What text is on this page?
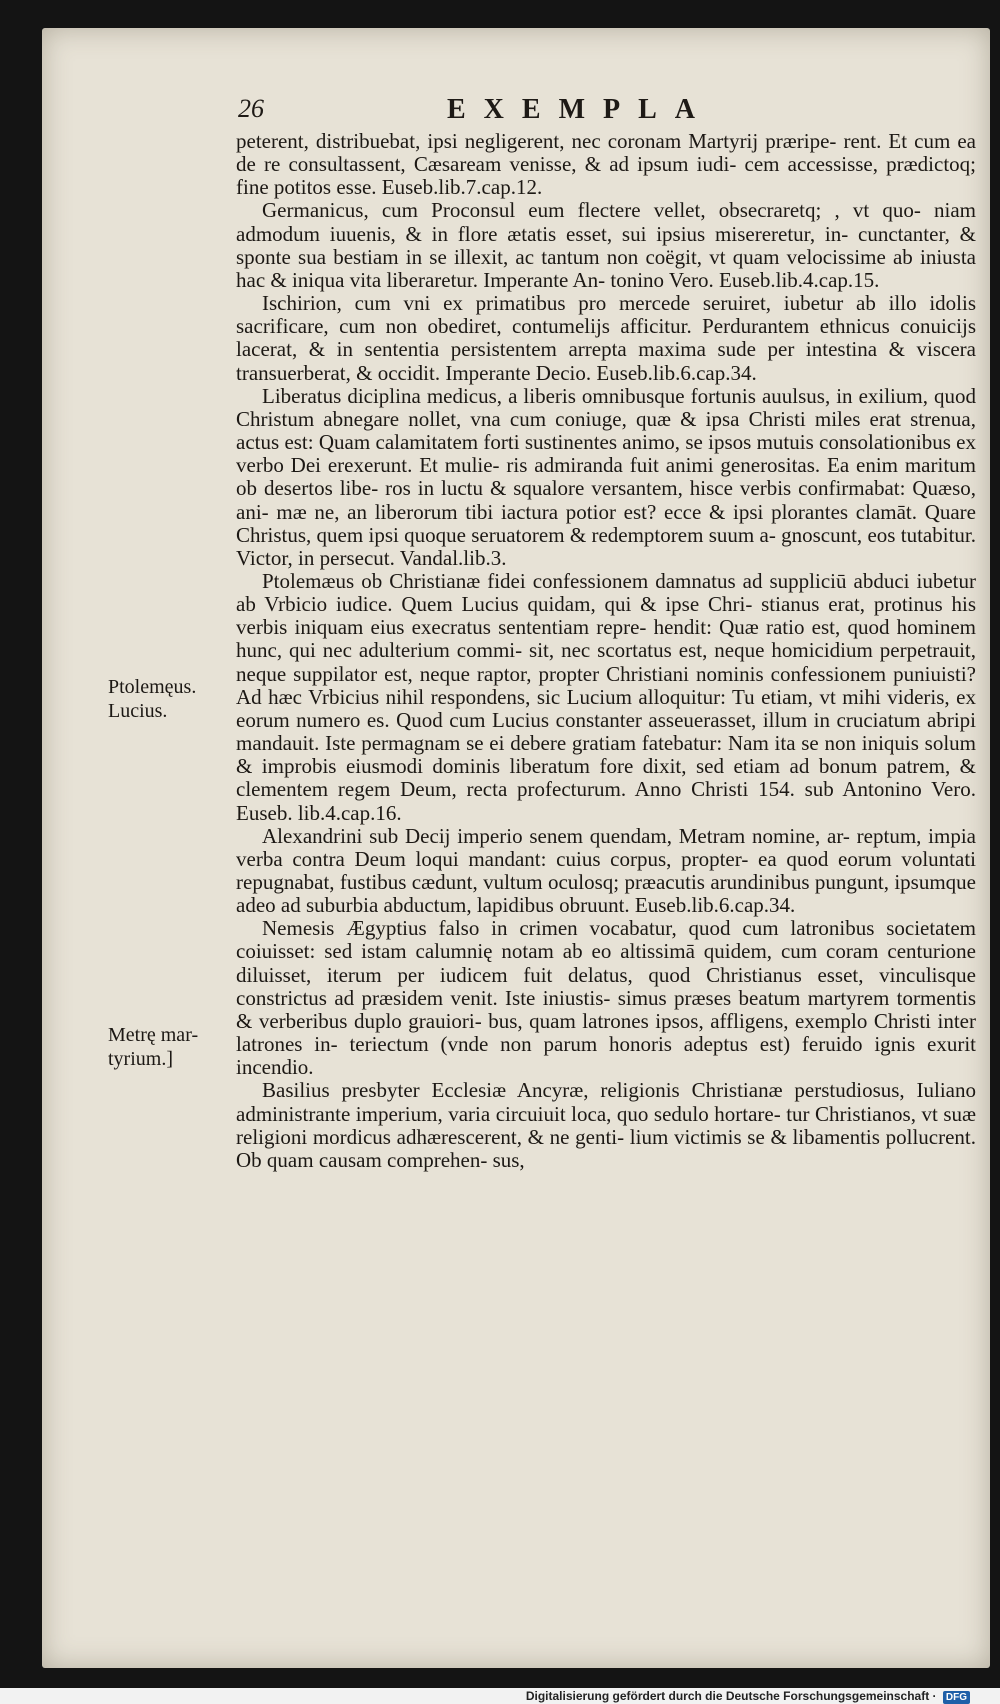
26	EXEMPLA
Ptolemęus.
Lucius.
Metrę mar-
tyrium.]

peterent, distribuebat, ipsi negligerent, nec coronam Martyrij præripe- rent. Et cum ea de re consultassent, Cæsaream venisse, & ad ipsum iudi- cem accessisse, prædictoq; fine potitos esse. Euseb.lib.7.cap.12.

Germanicus, cum Proconsul eum flectere vellet, obsecraretq; , vt quo- niam admodum iuuenis, & in flore ætatis esset, sui ipsius misereretur, in- cunctanter, & sponte sua bestiam in se illexit, ac tantum non coëgit, vt quam velocissime ab iniusta hac & iniqua vita liberaretur. Imperante An- tonino Vero. Euseb.lib.4.cap.15.

Ischirion, cum vni ex primatibus pro mercede seruiret, iubetur ab illo idolis sacrificare, cum non obediret, contumelijs afficitur. Perdurantem ethnicus conuicijs lacerat, & in sententia persistentem arrepta maxima sude per intestina & viscera transuerberat, & occidit. Imperante Decio. Euseb.lib.6.cap.34.

Liberatus diciplina medicus, a liberis omnibusque fortunis auulsus, in exilium, quod Christum abnegare nollet, vna cum coniuge, quæ & ipsa Christi miles erat strenua, actus est: Quam calamitatem forti sustinentes animo, se ipsos mutuis consolationibus ex verbo Dei erexerunt. Et mulie- ris admiranda fuit animi generositas. Ea enim maritum ob desertos libe- ros in luctu & squalore versantem, hisce verbis confirmabat: Quæso, ani- mæ ne, an liberorum tibi iactura potior est? ecce & ipsi plorantes clamāt. Quare Christus, quem ipsi quoque seruatorem & redemptorem suum a- gnoscunt, eos tutabitur. Victor, in persecut. Vandal.lib.3.

Ptolemæus ob Christianæ fidei confessionem damnatus ad suppliciū abduci iubetur ab Vrbicio iudice. Quem Lucius quidam, qui & ipse Chri- stianus erat, protinus his verbis iniquam eius execratus sententiam repre- hendit: Quæ ratio est, quod hominem hunc, qui nec adulterium commi- sit, nec scortatus est, neque homicidium perpetrauit, neque suppilator est, neque raptor, propter Christiani nominis confessionem puniuisti? Ad hæc Vrbicius nihil respondens, sic Lucium alloquitur: Tu etiam, vt mihi videris, ex eorum numero es. Quod cum Lucius constanter asseuerasset, illum in cruciatum abripi mandauit. Iste permagnam se ei debere gratiam fatebatur: Nam ita se non iniquis solum & improbis eiusmodi dominis liberatum fore dixit, sed etiam ad bonum patrem, & clementem regem Deum, recta profecturum. Anno Christi 154. sub Antonino Vero. Euseb. lib.4.cap.16.

Alexandrini sub Decij imperio senem quendam, Metram nomine, ar- reptum, impia verba contra Deum loqui mandant: cuius corpus, propter- ea quod eorum voluntati repugnabat, fustibus cædunt, vultum oculosq; præacutis arundinibus pungunt, ipsumque adeo ad suburbia abductum, lapidibus obruunt. Euseb.lib.6.cap.34.

Nemesis Ægyptius falso in crimen vocabatur, quod cum latronibus societatem coiuisset: sed istam calumnię notam ab eo altissimā quidem, cum coram centurione diluisset, iterum per iudicem fuit delatus, quod Christianus esset, vinculisque constrictus ad præsidem venit. Iste iniustis- simus præses beatum martyrem tormentis & verberibus duplo grauiori- bus, quam latrones ipsos, affligens, exemplo Christi inter latrones in- teriectum (vnde non parum honoris adeptus est) feruido ignis exurit incendio.

Basilius presbyter Ecclesiæ Ancyræ, religionis Christianæ perstudiosus, Iuliano administrante imperium, varia circuiuit loca, quo sedulo hortare- tur Christianos, vt suæ religioni mordicus adhærescerent, & ne genti- lium victimis se & libamentis pollucrent. Ob quam causam comprehen- sus,

Digitalisierung gefördert durch die Deutsche Forschungsgemeinschaft · DFG
